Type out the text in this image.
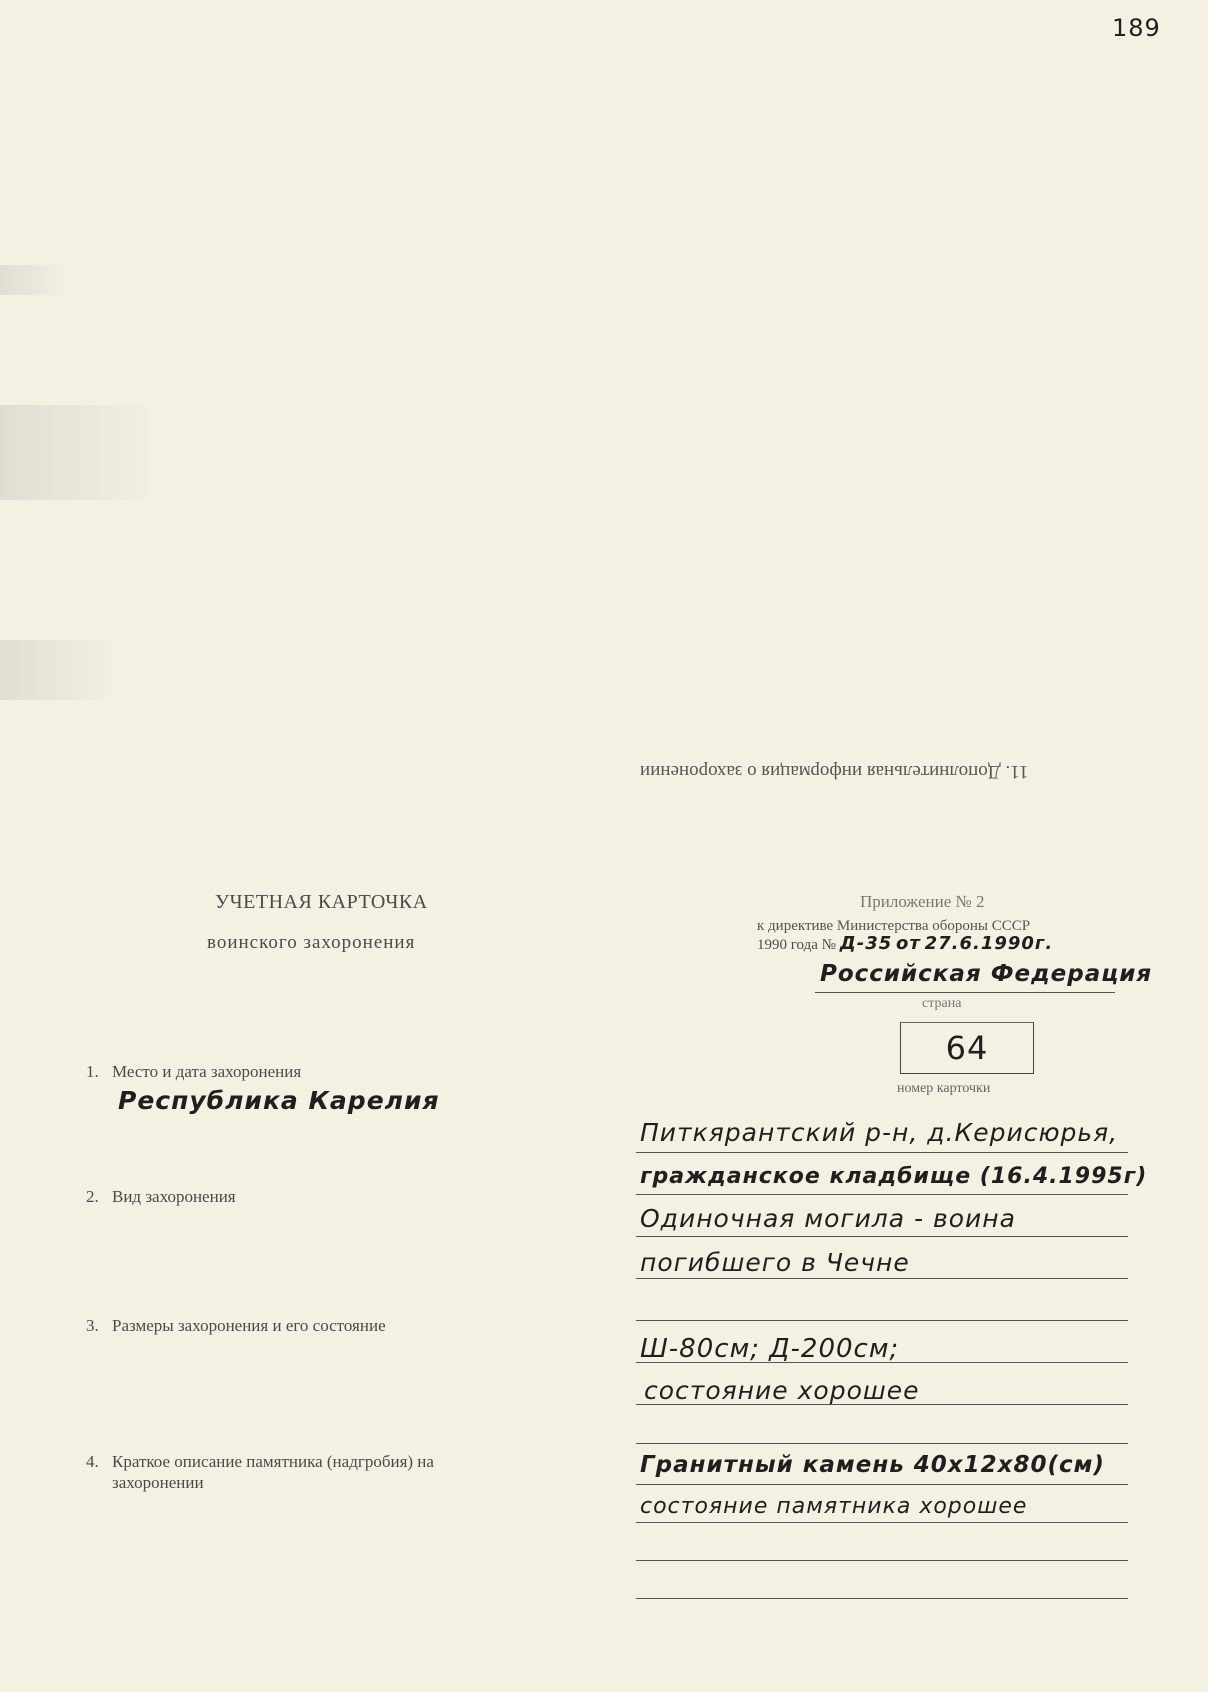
189
11. Дополнительная информация о захоронении
УЧЕТНАЯ КАРТОЧКА
воинского захоронения
Приложение № 2
к директиве Министерства обороны СССР
1990 года № Д-35 от 27.6.1990г.
Российская Федерация
страна
64
номер карточки
1. Место и дата захоронения
Республика Карелия
2. Вид захоронения
3. Размеры захоронения и его состояние
4. Краткое описание памятника (надгробия) на
захоронении
Питкярантский р-н, д.Керисюрья,
гражданское кладбище (16.4.1995г)
Одиночная могила - воина
погибшего в Чечне
Ш-80см; Д-200см;
состояние хорошее
Гранитный камень 40х12х80(см)
состояние памятника хорошее
